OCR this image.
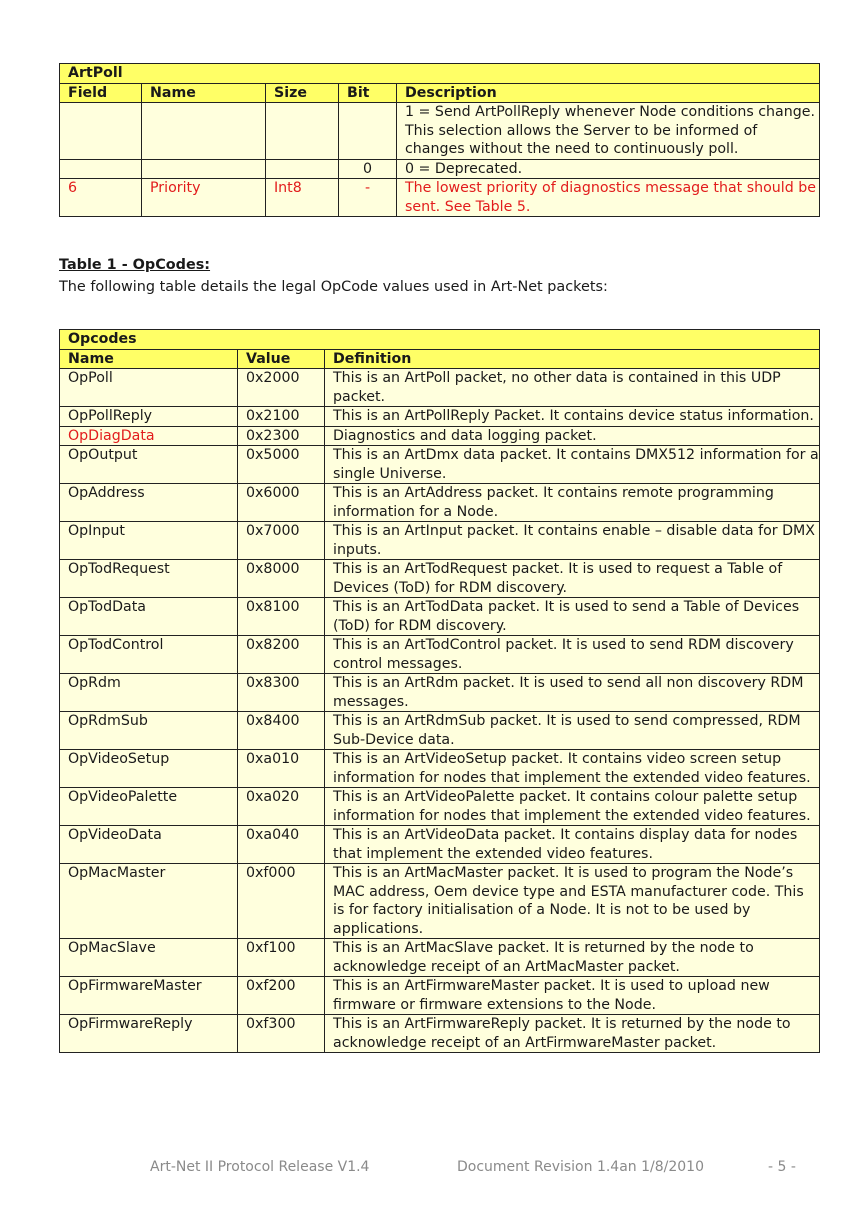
ArtPoll				
Field	Name	Size	Bit	Description
				1 = Send ArtPollReply whenever Node conditions change. This selection allows the Server to be informed of changes without the need to continuously poll.
			0	0 = Deprecated.
6	Priority	Int8	-	The lowest priority of diagnostics message that should be sent. See Table 5.
Table 1 - OpCodes:
The following table details the legal OpCode values used in Art-Net packets:
Opcodes		
Name	Value	Definition
OpPoll	0x2000	This is an ArtPoll packet, no other data is contained in this UDP packet.
OpPollReply	0x2100	This is an ArtPollReply Packet. It contains device status information.
OpDiagData	0x2300	Diagnostics and data logging packet.
OpOutput	0x5000	This is an ArtDmx data packet. It contains DMX512 information for a single Universe.
OpAddress	0x6000	This is an ArtAddress packet. It contains remote programming information for a Node.
OpInput	0x7000	This is an ArtInput packet. It contains enable – disable data for DMX inputs.
OpTodRequest	0x8000	This is an ArtTodRequest packet. It is used to request a Table of Devices (ToD) for RDM discovery.
OpTodData	0x8100	This is an ArtTodData packet. It is used to send a Table of Devices (ToD) for RDM discovery.
OpTodControl	0x8200	This is an ArtTodControl packet. It is used to send RDM discovery control messages.
OpRdm	0x8300	This is an ArtRdm packet. It is used to send all non discovery RDM messages.
OpRdmSub	0x8400	This is an ArtRdmSub packet. It is used to send compressed, RDM Sub-Device data.
OpVideoSetup	0xa010	This is an ArtVideoSetup packet. It contains video screen setup information for nodes that implement the extended video features.
OpVideoPalette	0xa020	This is an ArtVideoPalette packet. It contains colour palette setup information for nodes that implement the extended video features.
OpVideoData	0xa040	This is an ArtVideoData packet. It contains display data for nodes that implement the extended video features.
OpMacMaster	0xf000	This is an ArtMacMaster packet. It is used to program the Node’s MAC address, Oem device type and ESTA manufacturer code. This is for factory initialisation of a Node. It is not to be used by applications.
OpMacSlave	0xf100	This is an ArtMacSlave packet. It is returned by the node to acknowledge receipt of an ArtMacMaster packet.
OpFirmwareMaster	0xf200	This is an ArtFirmwareMaster packet. It is used to upload new firmware or firmware extensions to the Node.
OpFirmwareReply	0xf300	This is an ArtFirmwareReply packet. It is returned by the node to acknowledge receipt of an ArtFirmwareMaster packet.
Art-Net II Protocol Release V1.4	Document Revision 1.4an 1/8/2010	- 5 -
